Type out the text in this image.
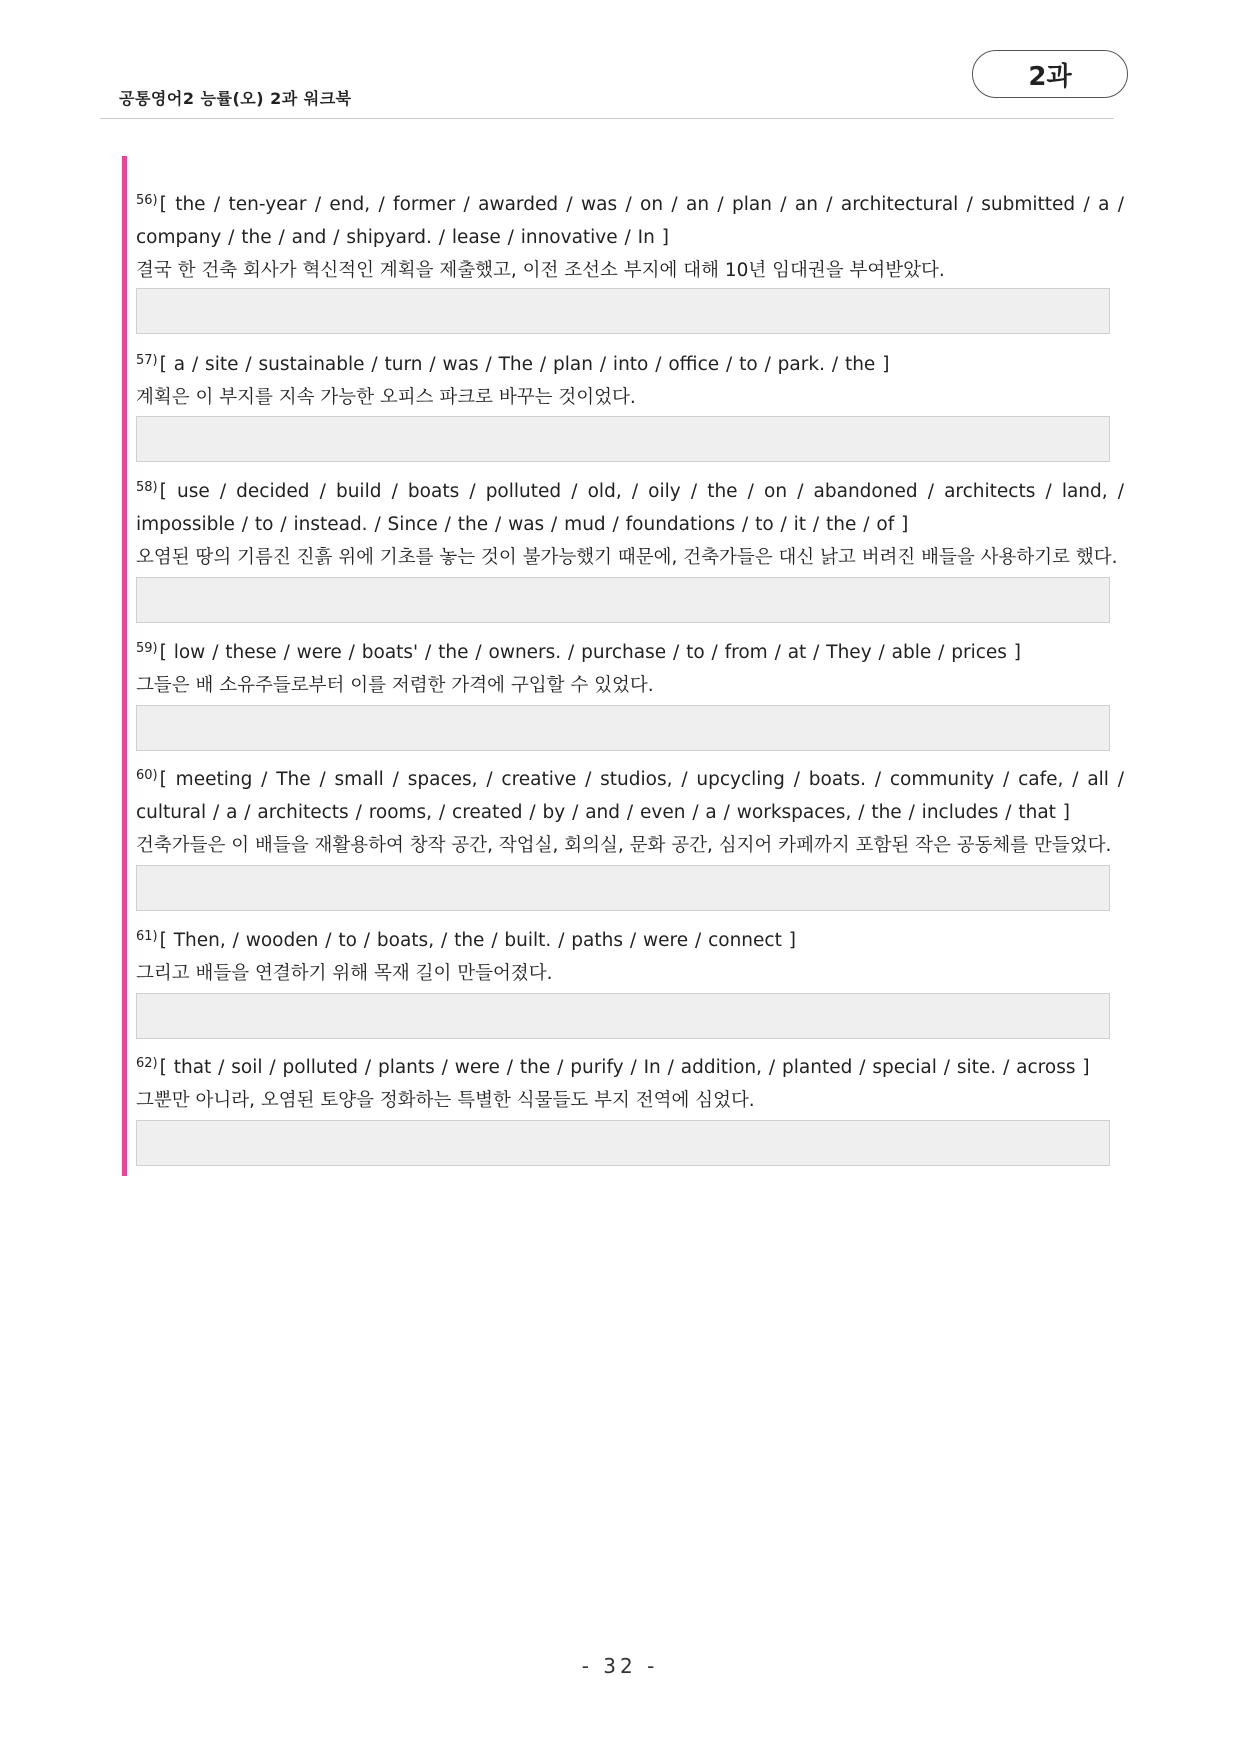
공통영어2 능률(오) 2과 워크북
2과
$^{56)}$ [ the / ten-year / end, / former / awarded / was / on / an / plan / an / architectural / submitted / a / company / the / and / shipyard. / lease / innovative / In ]
결국 한 건축 회사가 혁신적인 계획을 제출했고, 이전 조선소 부지에 대해 10년 임대권을 부여받았다.
$^{57)}$ [ a / site / sustainable / turn / was / The / plan / into / office / to / park. / the ]
계획은 이 부지를 지속 가능한 오피스 파크로 바꾸는 것이었다.
$^{58)}$ [ use / decided / build / boats / polluted / old, / oily / the / on / abandoned / architects / land, / impossible / to / instead. / Since / the / was / mud / foundations / to / it / the / of ]
오염된 땅의 기름진 진흙 위에 기초를 놓는 것이 불가능했기 때문에, 건축가들은 대신 낡고 버려진 배들을 사용하기로 했다.
$^{59)}$ [ low / these / were / boats' / the / owners. / purchase / to / from / at / They / able / prices ]
그들은 배 소유주들로부터 이를 저렴한 가격에 구입할 수 있었다.
$^{60)}$ [ meeting / The / small / spaces, / creative / studios, / upcycling / boats. / community / cafe, / all / cultural / a / architects / rooms, / created / by / and / even / a / workspaces, / the / includes / that ]
건축가들은 이 배들을 재활용하여 창작 공간, 작업실, 회의실, 문화 공간, 심지어 카페까지 포함된 작은 공동체를 만들었다.
$^{61)}$ [ Then, / wooden / to / boats, / the / built. / paths / were / connect ]
그리고 배들을 연결하기 위해 목재 길이 만들어졌다.
$^{62)}$ [ that / soil / polluted / plants / were / the / purify / In / addition, / planted / special / site. / across ]
그뿐만 아니라, 오염된 토양을 정화하는 특별한 식물들도 부지 전역에 심었다.
- 32 -
